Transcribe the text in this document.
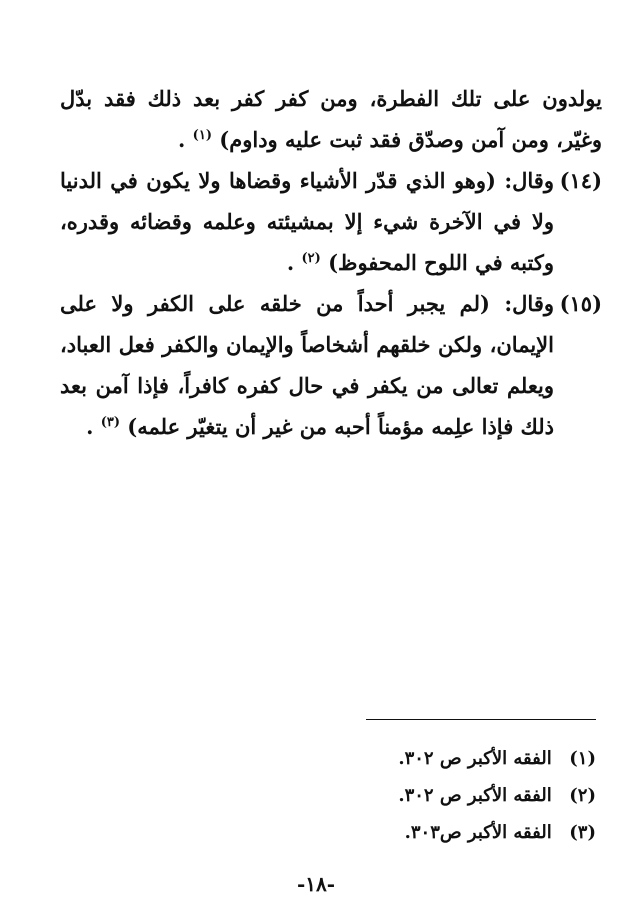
يولدون على تلك الفطرة، ومن كفر كفر بعد ذلك فقد بدّل وغيّر، ومن آمن وصدّق فقد ثبت عليه وداوم) $^{(١)}$ .

(١٤)
وقال: (وهو الذي قدّر الأشياء وقضاها ولا يكون في الدنيا ولا في الآخرة شيء إلا بمشيئته وعلمه وقضائه وقدره، وكتبه في اللوح المحفوظ) $^{(٢)}$ .
(١٥)
وقال: (لم يجبر أحداً من خلقه على الكفر ولا على الإيمان، ولكن خلقهم أشخاصاً والإيمان والكفر فعل العباد، ويعلم تعالى من يكفر في حال كفره كافراً، فإذا آمن بعد ذلك فإذا علِمه مؤمناً أحبه من غير أن يتغيّر علمه) $^{(٣)}$ .
(١) الفقه الأكبر ص ٣٠٢.
(٢) الفقه الأكبر ص ٣٠٢.
(٣) الفقه الأكبر ص٣٠٣.
-١٨-
